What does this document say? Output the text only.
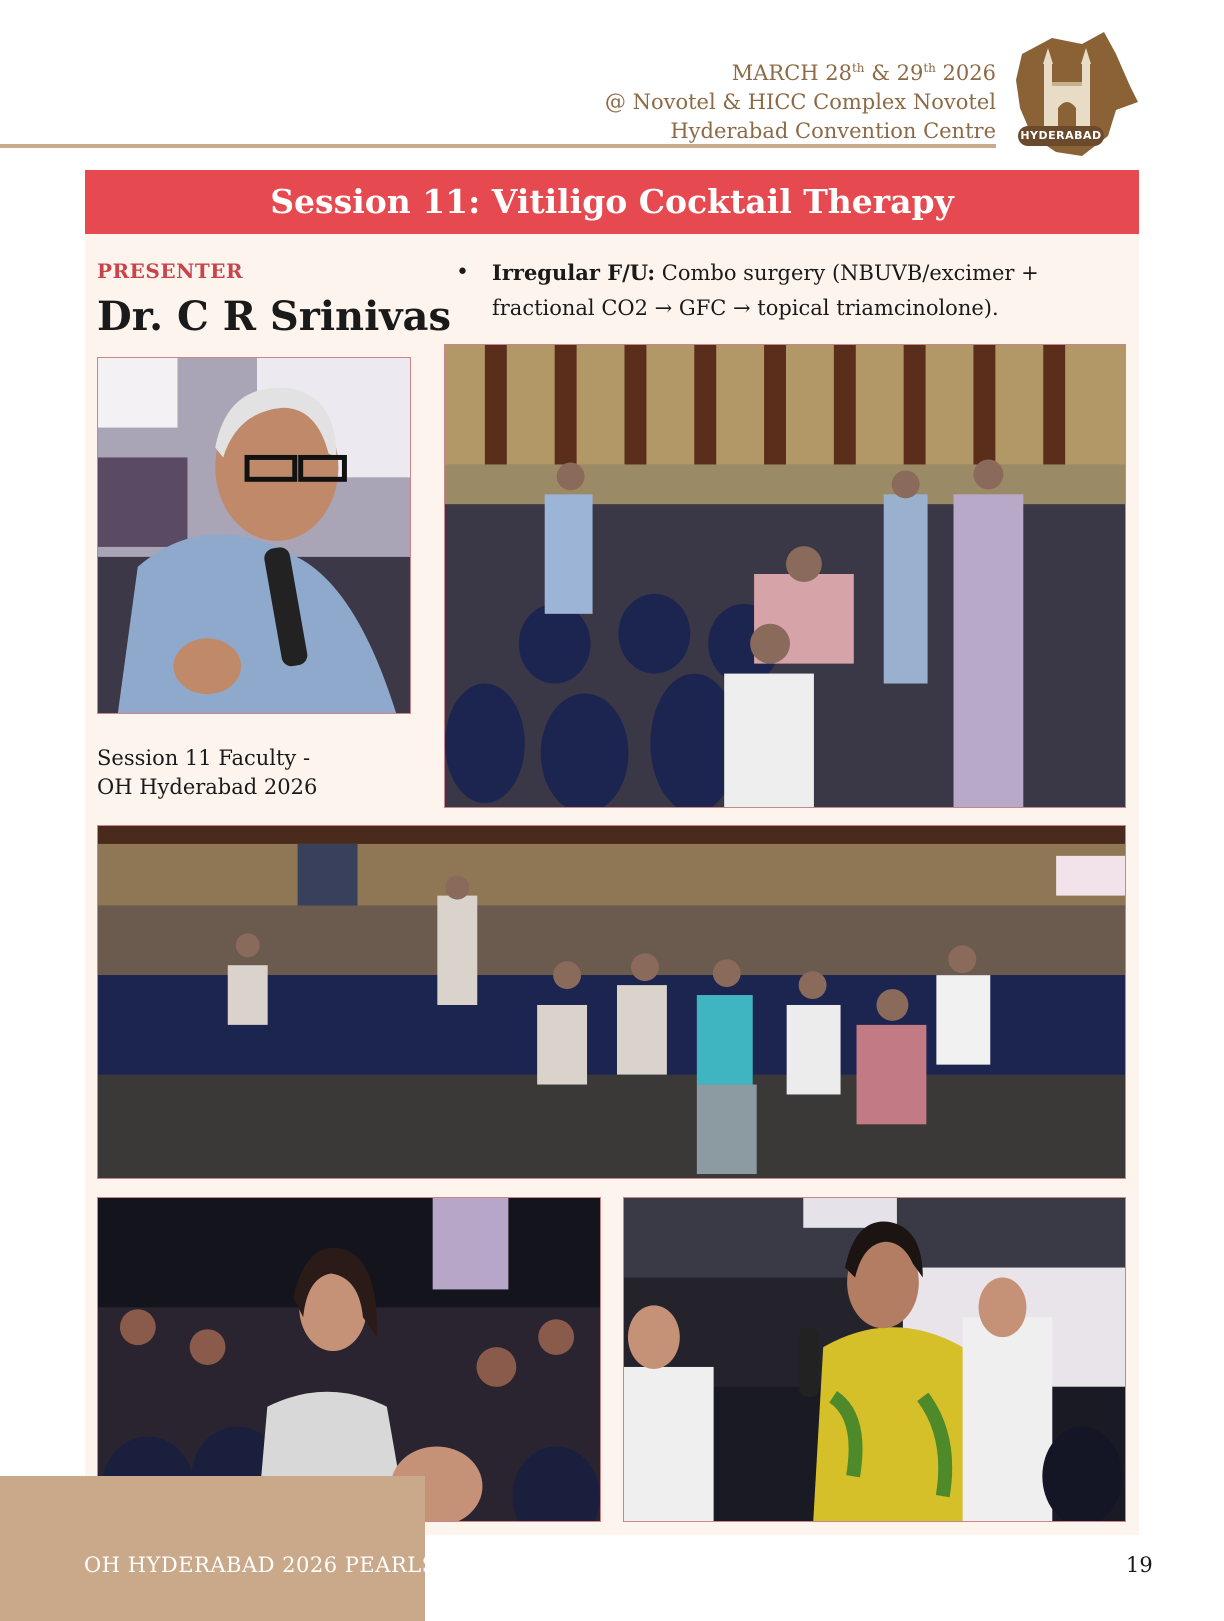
MARCH 28th & 29th 2026
@ Novotel & HICC Complex Novotel
Hyderabad Convention Centre HYDERABAD
Session 11: Vitiligo Cocktail Therapy
PRESENTER
Dr. C R Srinivas
•	Irregular F/U: Combo surgery (NBUVB/excimer + fractional CO2 → GFC → topical triamcinolone).
Session 11 Faculty -
OH Hyderabad 2026
OH HYDERABAD 2026 PEARLS	19
